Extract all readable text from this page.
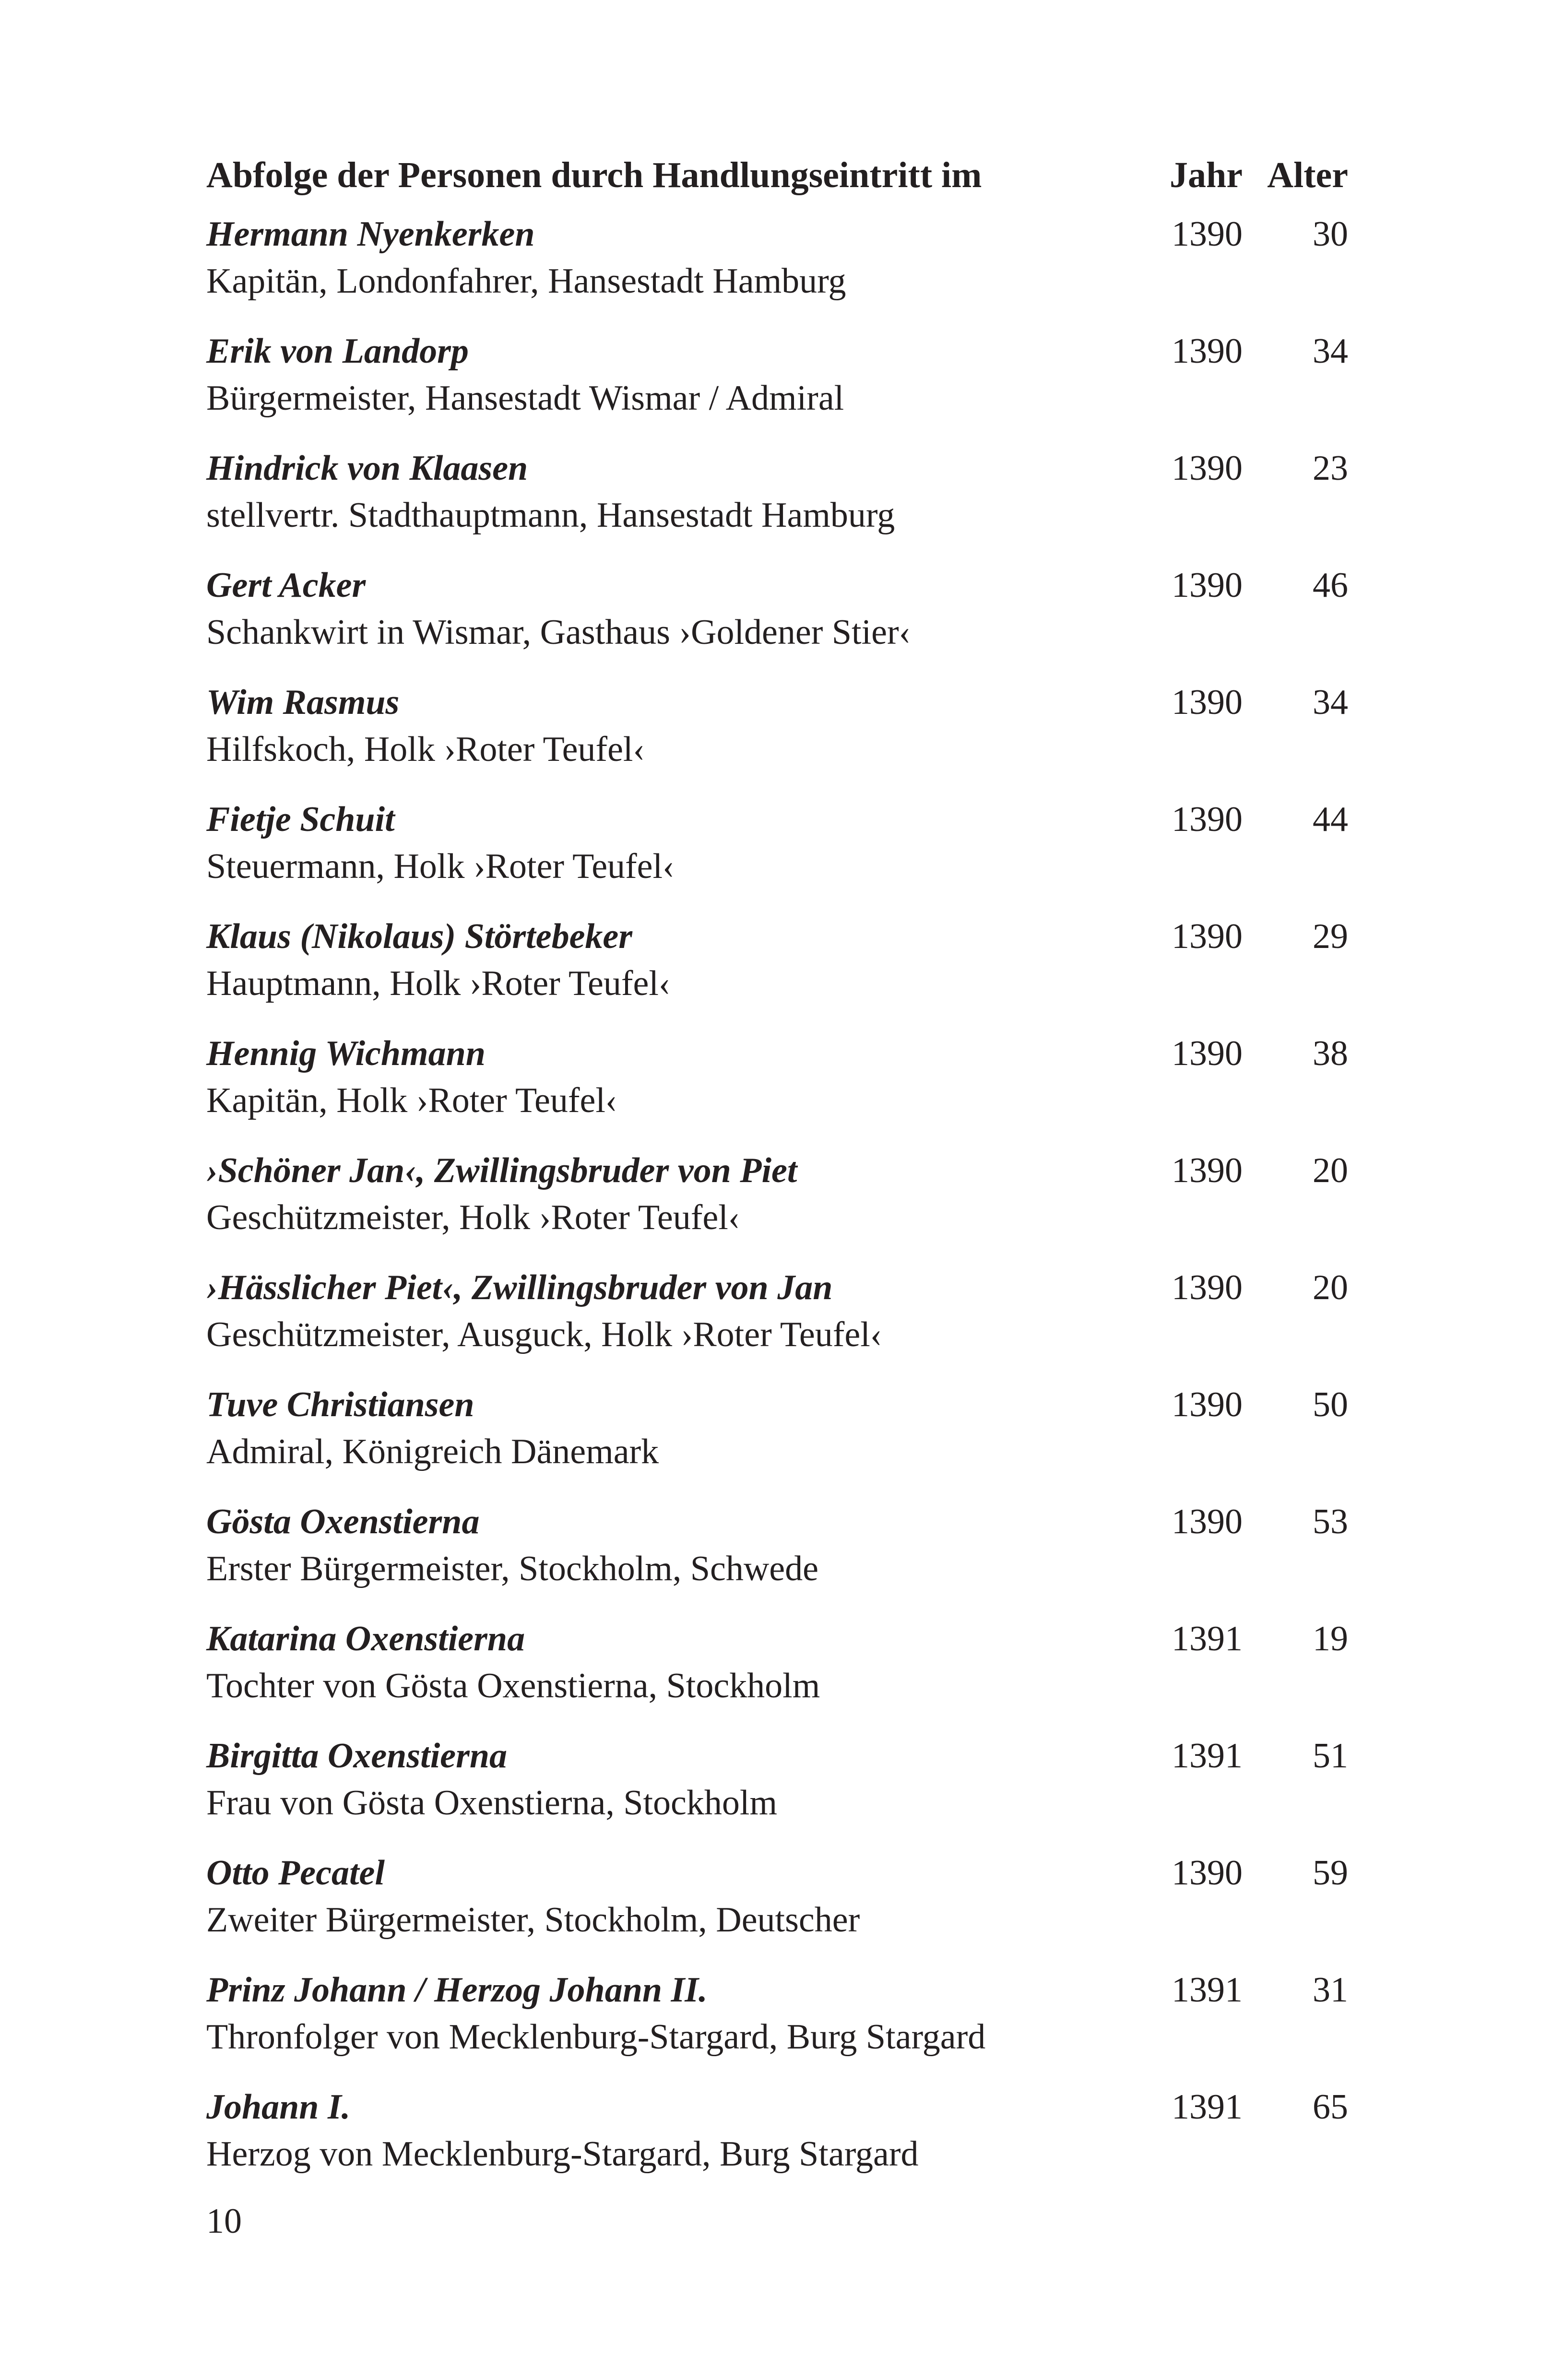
Abfolge der Personen durch Handlungseintritt im	Jahr Alter
Hermann Nyenkerken	1390	30
Kapitän, Londonfahrer, Hansestadt Hamburg
Erik von Landorp	1390	34
Bürgermeister, Hansestadt Wismar / Admiral
Hindrick von Klaasen	1390	23
stellvertr. Stadthauptmann, Hansestadt Hamburg
Gert Acker	1390	46
Schankwirt in Wismar, Gasthaus ›Goldener Stier‹
Wim Rasmus	1390	34
Hilfskoch, Holk ›Roter Teufel‹
Fietje Schuit	1390	44
Steuermann, Holk ›Roter Teufel‹
Klaus (Nikolaus) Störtebeker	1390	29
Hauptmann, Holk ›Roter Teufel‹
Hennig Wichmann	1390	38
Kapitän, Holk ›Roter Teufel‹
›Schöner Jan‹, Zwillingsbruder von Piet	1390	20
Geschützmeister, Holk ›Roter Teufel‹
›Hässlicher Piet‹, Zwillingsbruder von Jan	1390	20
Geschützmeister, Ausguck, Holk ›Roter Teufel‹
Tuve Christiansen	1390	50
Admiral, Königreich Dänemark
Gösta Oxenstierna	1390	53
Erster Bürgermeister, Stockholm, Schwede
Katarina Oxenstierna	1391	19
Tochter von Gösta Oxenstierna, Stockholm
Birgitta Oxenstierna	1391	51
Frau von Gösta Oxenstierna, Stockholm
Otto Pecatel	1390	59
Zweiter Bürgermeister, Stockholm, Deutscher
Prinz Johann / Herzog Johann II.	1391	31
Thronfolger von Mecklenburg-Stargard, Burg Stargard
Johann I.	1391	65
Herzog von Mecklenburg-Stargard, Burg Stargard
10
